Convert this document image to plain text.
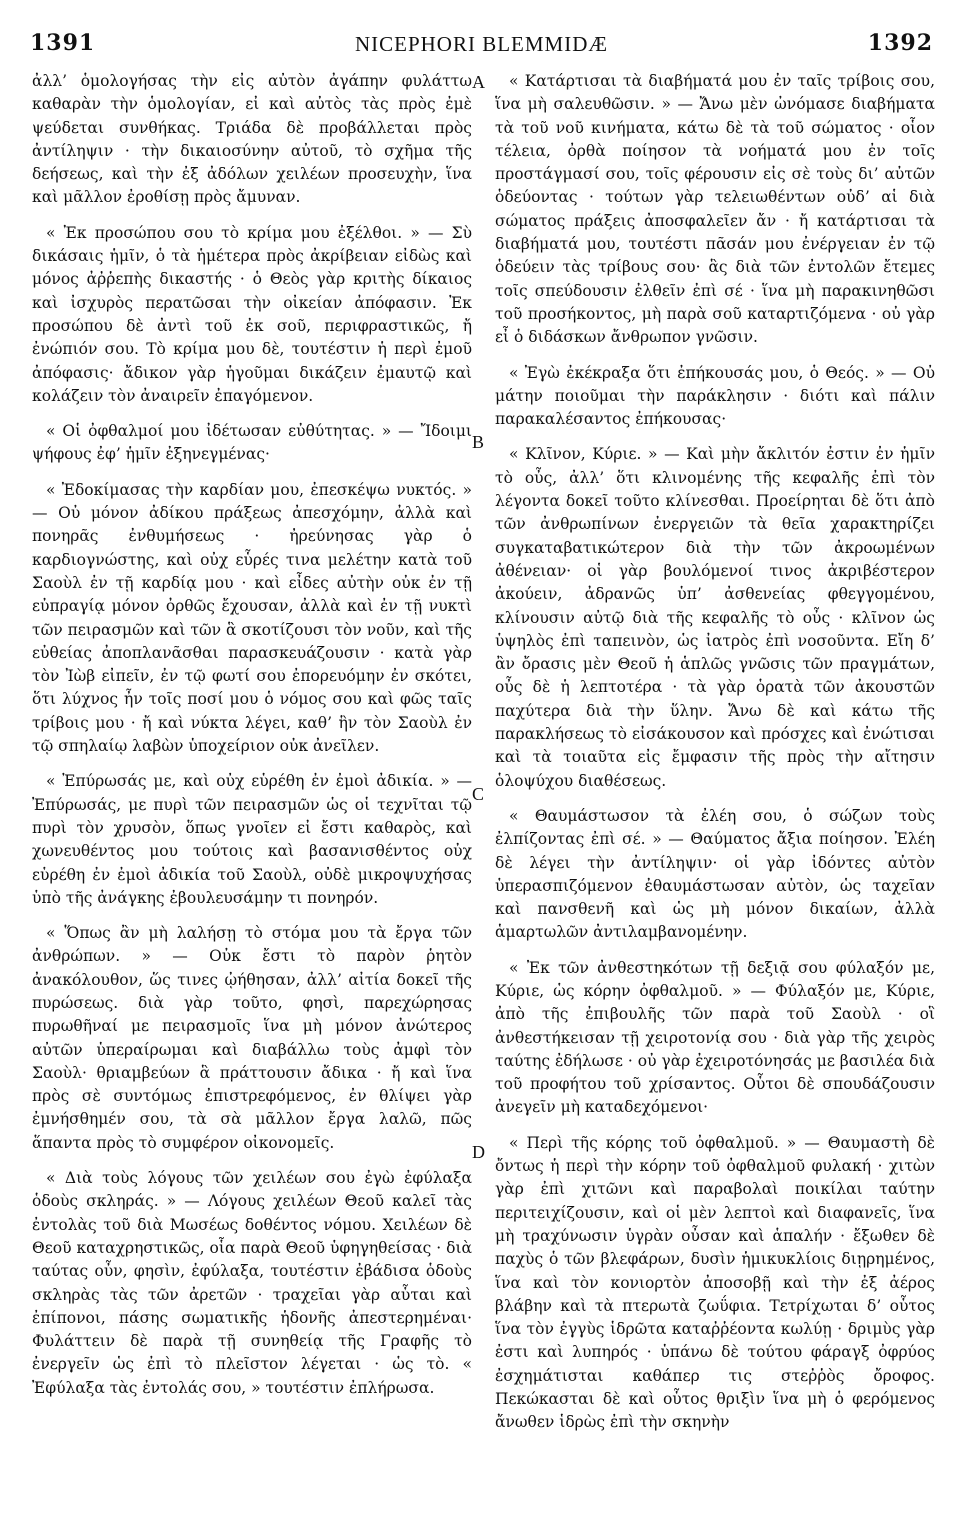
1391	NICEPHORI BLEMMIDÆ	1392
A
B
C
D

ἀλλ’ ὁμολογήσας τὴν εἰς αὐτὸν ἀγάπην φυλάττω καθαρὰν τὴν ὁμολογίαν, εἰ καὶ αὐτὸς τὰς πρὸς ἐμὲ ψεύδεται συνθήκας. Τριάδα δὲ προβάλλεται πρὸς ἀντίληψιν · τὴν δικαιοσύνην αὐτοῦ, τὸ σχῆμα τῆς δεήσεως, καὶ τὴν ἐξ ἀδόλων χειλέων προσευχὴν, ἵνα καὶ μᾶλλον ἐροθίσῃ πρὸς ἄμυναν.

« Ἐκ προσώπου σου τὸ κρίμα μου ἐξέλθοι. » — Σὺ δικάσαις ἡμῖν, ὁ τὰ ἡμέτερα πρὸς ἀκρίβειαν εἰδὼς καὶ μόνος ἀῤῥεπὴς δικαστής · ὁ Θεὸς γὰρ κριτὴς δίκαιος καὶ ἰσχυρὸς περατῶσαι τὴν οἰκείαν ἀπόφασιν. Ἐκ προσώπου δὲ ἀντὶ τοῦ ἐκ σοῦ, περιφραστικῶς, ἤ ἐνώπιόν σου. Τὸ κρίμα μου δὲ, τουτέστιν ἡ περὶ ἐμοῦ ἀπόφασις· ἄδικον γὰρ ἡγοῦμαι δικάζειν ἐμαυτῷ καὶ κολάζειν τὸν ἀναιρεῖν ἐπαγόμενον.

« Οἱ ὀφθαλμοί μου ἰδέτωσαν εὐθύτητας. » — Ἴδοιμι ψήφους ἐφ’ ἡμῖν ἐξηνεγμένας·

« Ἐδοκίμασας τὴν καρδίαν μου, ἐπεσκέψω νυκτός. » — Οὐ μόνον ἀδίκου πράξεως ἀπεσχόμην, ἀλλὰ καὶ πονηρᾶς ἐνθυμήσεως · ἠρεύνησας γὰρ ὁ καρδιογνώστης, καὶ οὐχ εὗρές τινα μελέτην κατὰ τοῦ Σαοὺλ ἐν τῇ καρδίᾳ μου · καὶ εἶδες αὐτὴν οὐκ ἐν τῇ εὐπραγίᾳ μόνον ὀρθῶς ἔχουσαν, ἀλλὰ καὶ ἐν τῇ νυκτὶ τῶν πειρασμῶν καὶ τῶν ἃ σκοτίζουσι τὸν νοῦν, καὶ τῆς εὐθείας ἀποπλανᾶσθαι παρασκευάζουσιν · κατὰ γὰρ τὸν Ἰὼβ εἰπεῖν, ἐν τῷ φωτί σου ἐπορευόμην ἐν σκότει, ὅτι λύχνος ἦν τοῖς ποσί μου ὁ νόμος σου καὶ φῶς ταῖς τρίβοις μου · ἤ καὶ νύκτα λέγει, καθ’ ἣν τὸν Σαοὺλ ἐν τῷ σπηλαίῳ λαβὼν ὑποχείριον οὐκ ἀνεῖλεν.

« Ἐπύρωσάς με, καὶ οὐχ εὑρέθη ἐν ἐμοὶ ἀδικία. » — Ἐπύρωσάς, με πυρὶ τῶν πειρασμῶν ὡς οἱ τεχνῖται τῷ πυρὶ τὸν χρυσὸν, ὅπως γνοῖεν εἰ ἔστι καθαρὸς, καὶ χωνευθέντος μου τούτοις καὶ βασανισθέντος οὐχ εὑρέθη ἐν ἐμοὶ ἀδικία τοῦ Σαοὺλ, οὐδὲ μικροψυχήσας ὑπὸ τῆς ἀνάγκης ἐβουλευσάμην τι πονηρόν.

« Ὅπως ἂν μὴ λαλήσῃ τὸ στόμα μου τὰ ἔργα τῶν ἀνθρώπων. » — Οὐκ ἔστι τὸ παρὸν ῥητὸν ἀνακόλουθον, ὥς τινες ᾠήθησαν, ἀλλ’ αἰτία δοκεῖ τῆς πυρώσεως. διὰ γὰρ τοῦτο, φησὶ, παρεχώρησας πυρωθῆναί με πειρασμοῖς ἵνα μὴ μόνον ἀνώτερος αὐτῶν ὑπεραίρωμαι καὶ διαβάλλω τοὺς ἀμφὶ τὸν Σαοὺλ· θριαμβεύων ἃ πράττουσιν ἄδικα · ἤ καὶ ἵνα πρὸς σὲ συντόμως ἐπιστρεφόμενος, ἐν θλίψει γὰρ ἐμνήσθημέν σου, τὰ σὰ μᾶλλον ἔργα λαλῶ, πῶς ἅπαντα πρὸς τὸ συμφέρον οἰκονομεῖς.

« Διὰ τοὺς λόγους τῶν χειλέων σου ἐγὼ ἐφύλαξα ὁδοὺς σκληράς. » — Λόγους χειλέων Θεοῦ καλεῖ τὰς ἐντολὰς τοῦ διὰ Μωσέως δοθέντος νόμου. Χειλέων δὲ Θεοῦ καταχρηστικῶς, οἷα παρὰ Θεοῦ ὑφηγηθείσας · διὰ ταύτας οὖν, φησὶν, ἐφύλαξα, τουτέστιν ἐβάδισα ὁδοὺς σκληρὰς τὰς τῶν ἀρετῶν · τραχεῖαι γὰρ αὗται καὶ ἐπίπονοι, πάσης σωματικῆς ἡδονῆς ἀπεστερημέναι· Φυλάττειν δὲ παρὰ τῇ συνηθείᾳ τῆς Γραφῆς τὸ ἐνεργεῖν ὡς ἐπὶ τὸ πλεῖστον λέγεται · ὡς τὸ. « Ἐφύλαξα τὰς ἐντολάς σου, » τουτέστιν ἐπλήρωσα.

« Κατάρτισαι τὰ διαβήματά μου ἐν ταῖς τρίβοις σου, ἵνα μὴ σαλευθῶσιν. » — Ἄνω μὲν ὠνόμασε διαβήματα τὰ τοῦ νοῦ κινήματα, κάτω δὲ τὰ τοῦ σώματος · οἷον τέλεια, ὀρθὰ ποίησον τὰ νοήματά μου ἐν τοῖς προστάγμασί σου, τοῖς φέρουσιν εἰς σὲ τοὺς δι’ αὐτῶν ὁδεύοντας · τούτων γὰρ τελειωθέντων οὐδ’ αἱ διὰ σώματος πράξεις ἀποσφαλεῖεν ἄν · ἤ κατάρτισαι τὰ διαβήματά μου, τουτέστι πᾶσάν μου ἐνέργειαν ἐν τῷ ὁδεύειν τὰς τρίβους σου· ἃς διὰ τῶν ἐντολῶν ἔτεμες τοῖς σπεύδουσιν ἐλθεῖν ἐπὶ σέ · ἵνα μὴ παρακινηθῶσι τοῦ προσήκοντος, μὴ παρὰ σοῦ καταρτιζόμενα · οὐ γὰρ εἶ ὁ διδάσκων ἄνθρωπον γνῶσιν.

« Ἐγὼ ἐκέκραξα ὅτι ἐπήκουσάς μου, ὁ Θεός. » — Οὐ μάτην ποιοῦμαι τὴν παράκλησιν · διότι καὶ πάλιν παρακαλέσαντος ἐπήκουσας·

« Κλῖνον, Κύριε. » — Καὶ μὴν ἄκλιτόν ἐστιν ἐν ἡμῖν τὸ οὖς, ἀλλ’ ὅτι κλινομένης τῆς κεφαλῆς ἐπὶ τὸν λέγοντα δοκεῖ τοῦτο κλίνεσθαι. Προείρηται δὲ ὅτι ἀπὸ τῶν ἀνθρωπίνων ἐνεργειῶν τὰ θεῖα χαρακτηρίζει συγκαταβατικώτερον διὰ τὴν τῶν ἀκροωμένων ἀθένειαν· οἱ γὰρ βουλόμενοί τινος ἀκριβέστερον ἀκούειν, ἀδρανῶς ὑπ’ ἀσθενείας φθεγγομένου, κλίνουσιν αὐτῷ διὰ τῆς κεφαλῆς τὸ οὖς · κλῖνον ὡς ὑψηλὸς ἐπὶ ταπεινὸν, ὡς ἰατρὸς ἐπὶ νοσοῦντα. Εἴη δ’ ἂν ὄρασις μὲν Θεοῦ ἡ ἁπλῶς γνῶσις τῶν πραγμάτων, οὖς δὲ ἡ λεπτοτέρα · τὰ γὰρ ὁρατὰ τῶν ἀκουστῶν παχύτερα διὰ τὴν ὕλην. Ἄνω δὲ καὶ κάτω τῆς παρακλήσεως τὸ εἰσάκουσον καὶ πρόσχες καὶ ἐνώτισαι καὶ τὰ τοιαῦτα εἰς ἔμφασιν τῆς πρὸς τὴν αἴτησιν ὁλοψύχου διαθέσεως.

« Θαυμάστωσον τὰ ἐλέη σου, ὁ σώζων τοὺς ἐλπίζοντας ἐπὶ σέ. » — Θαύματος ἄξια ποίησον. Ἐλέη δὲ λέγει τὴν ἀντίληψιν· οἱ γὰρ ἰδόντες αὐτὸν ὑπερασπιζόμενον ἐθαυμάστωσαν αὐτὸν, ὡς ταχεῖαν καὶ πανσθενῆ καὶ ὡς μὴ μόνον δικαίων, ἀλλὰ ἁμαρτωλῶν ἀντιλαμβανομένην.

« Ἐκ τῶν ἀνθεστηκότων τῇ δεξιᾷ σου φύλαξόν με, Κύριε, ὡς κόρην ὀφθαλμοῦ. » — Φύλαξόν με, Κύριε, ἀπὸ τῆς ἐπιβουλῆς τῶν παρὰ τοῦ Σαοὺλ · οἳ ἀνθεστήκεισαν τῇ χειροτονίᾳ σου · διὰ γὰρ τῆς χειρὸς ταύτης ἐδήλωσε · οὐ γὰρ ἐχειροτόνησάς με βασιλέα διὰ τοῦ προφήτου τοῦ χρίσαντος. Οὗτοι δὲ σπουδάζουσιν ἀνεγεῖν μὴ καταδεχόμενοι·

« Περὶ τῆς κόρης τοῦ ὀφθαλμοῦ. » — Θαυμαστὴ δὲ ὄντως ἡ περὶ τὴν κόρην τοῦ ὀφθαλμοῦ φυλακή · χιτὼν γὰρ ἐπὶ χιτῶνι καὶ παραβολαὶ ποικίλαι ταύτην περιτειχίζουσιν, καὶ οἱ μὲν λεπτοὶ καὶ διαφανεῖς, ἵνα μὴ τραχύνωσιν ὑγρὰν οὖσαν καὶ ἁπαλήν · ἔξωθεν δὲ παχὺς ὁ τῶν βλεφάρων, δυσὶν ἡμικυκλίοις διῃρημένος, ἵνα καὶ τὸν κονιορτὸν ἀποσοβῇ καὶ τὴν ἐξ ἀέρος βλάβην καὶ τὰ πτερωτὰ ζωΰφια. Τετρίχωται δ’ οὗτος ἵνα τὸν ἐγγὺς ἱδρῶτα καταῤῥέοντα κωλύῃ · δριμὺς γὰρ ἐστι καὶ λυπηρός · ὑπάνω δὲ τούτου φάραγξ ὀφρύος ἐσχημάτισται καθάπερ τις στεῤῥὸς ὄροφος. Πεκώκασται δὲ καὶ οὗτος θριξὶν ἵνα μὴ ὁ φερόμενος ἄνωθεν ἱδρὼς ἐπὶ τὴν σκηνὴν
